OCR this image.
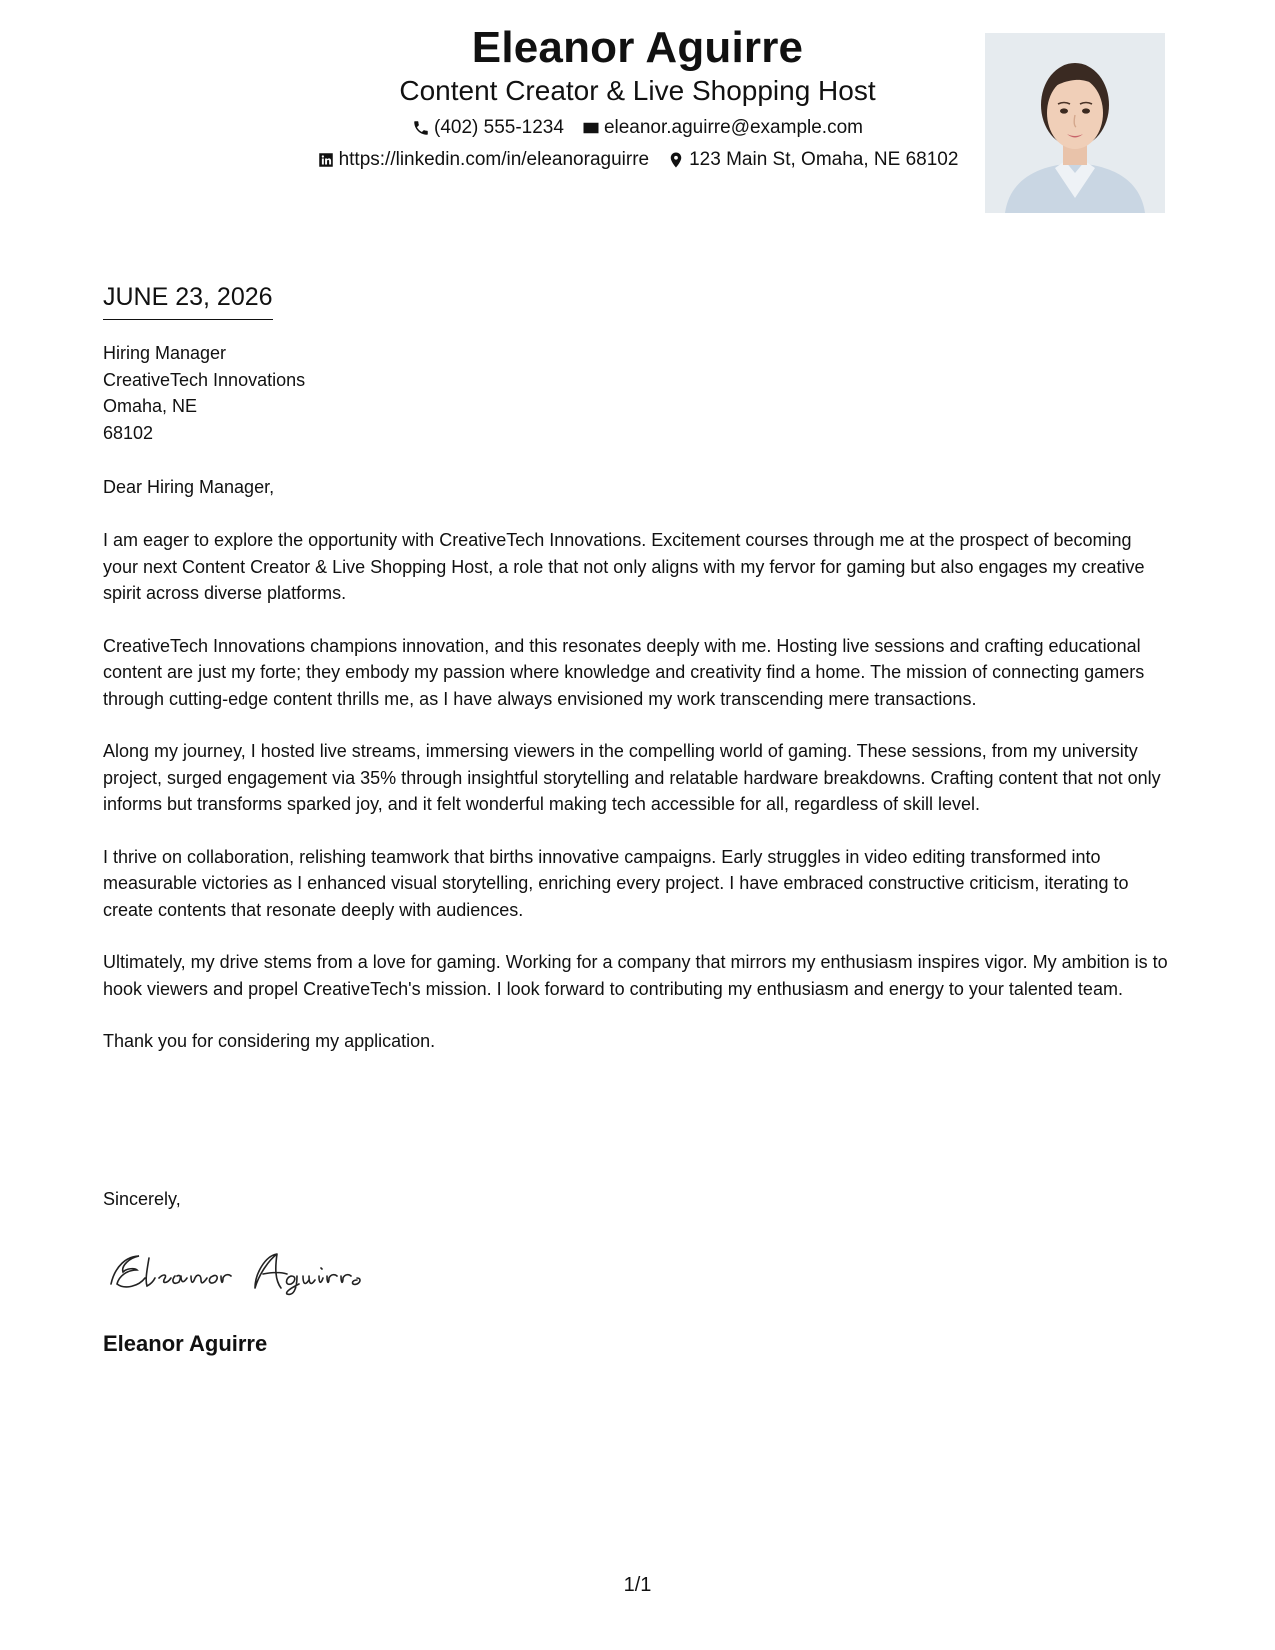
Eleanor Aguirre
Content Creator & Live Shopping Host
(402) 555-1234 eleanor.aguirre@example.com
https://linkedin.com/in/eleanoraguirre 123 Main St, Omaha, NE 68102
JUNE 23, 2026
Hiring Manager
CreativeTech Innovations
Omaha, NE
68102
Dear Hiring Manager,

I am eager to explore the opportunity with CreativeTech Innovations. Excitement courses through me at the prospect of becoming your next Content Creator & Live Shopping Host, a role that not only aligns with my fervor for gaming but also engages my creative spirit across diverse platforms.

CreativeTech Innovations champions innovation, and this resonates deeply with me. Hosting live sessions and crafting educational content are just my forte; they embody my passion where knowledge and creativity find a home. The mission of connecting gamers through cutting-edge content thrills me, as I have always envisioned my work transcending mere transactions.

Along my journey, I hosted live streams, immersing viewers in the compelling world of gaming. These sessions, from my university project, surged engagement via 35% through insightful storytelling and relatable hardware breakdowns. Crafting content that not only informs but transforms sparked joy, and it felt wonderful making tech accessible for all, regardless of skill level.

I thrive on collaboration, relishing teamwork that births innovative campaigns. Early struggles in video editing transformed into measurable victories as I enhanced visual storytelling, enriching every project. I have embraced constructive criticism, iterating to create contents that resonate deeply with audiences.

Ultimately, my drive stems from a love for gaming. Working for a company that mirrors my enthusiasm inspires vigor. My ambition is to hook viewers and propel CreativeTech's mission. I look forward to contributing my enthusiasm and energy to your talented team.

Thank you for considering my application.

Sincerely,
Eleanor Aguirre
1/1
